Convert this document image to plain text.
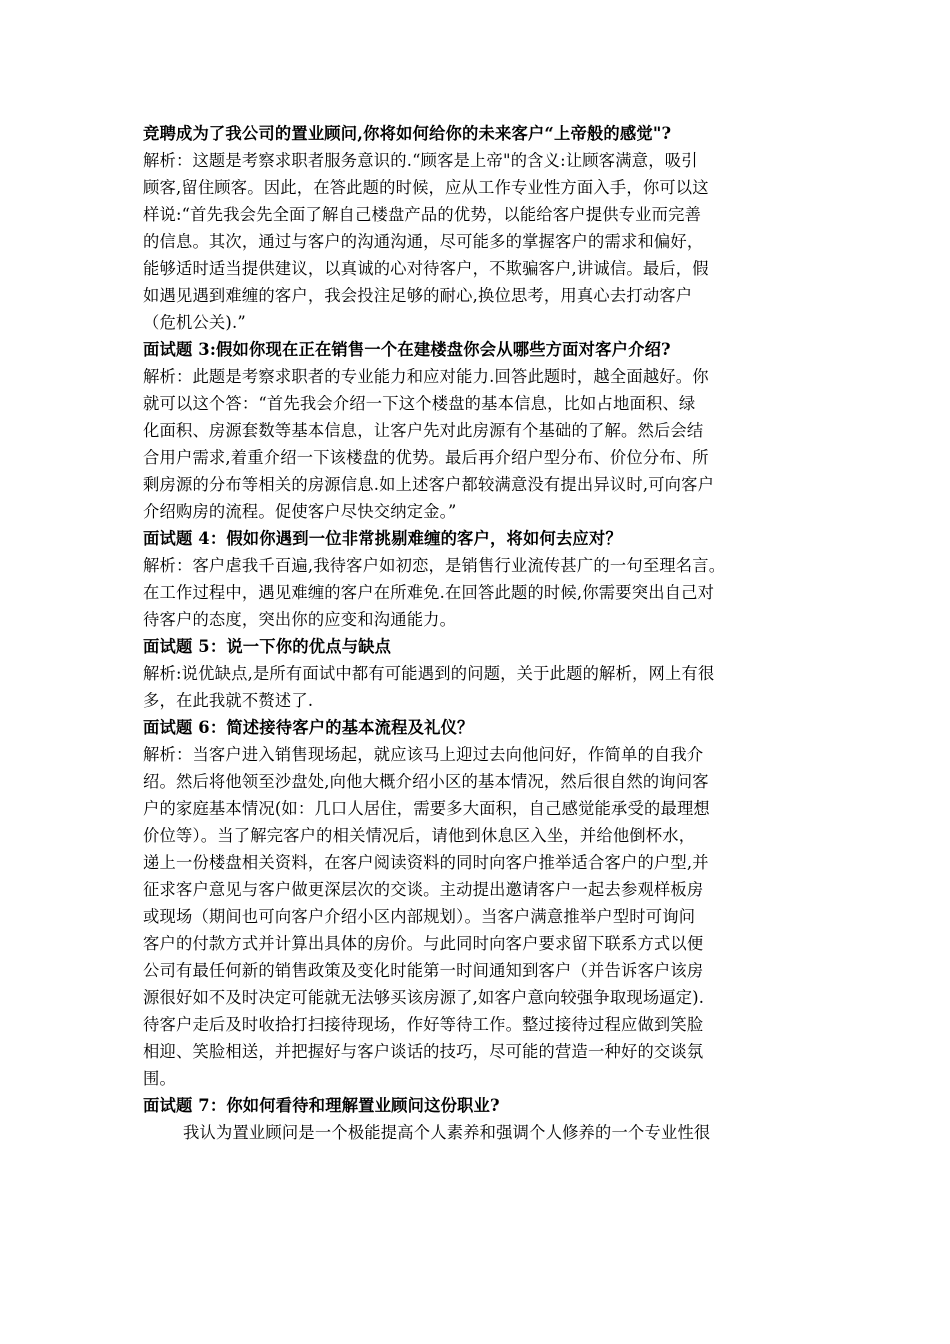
竞聘成为了我公司的置业顾问,你将如何给你的未来客户“上帝般的感觉"?
解析：这题是考察求职者服务意识的.“顾客是上帝"的含义:让顾客满意，吸引
顾客,留住顾客。因此，在答此题的时候，应从工作专业性方面入手，你可以这
样说:“首先我会先全面了解自己楼盘产品的优势，以能给客户提供专业而完善
的信息。其次，通过与客户的沟通沟通，尽可能多的掌握客户的需求和偏好，
能够适时适当提供建议，以真诚的心对待客户，不欺骗客户,讲诚信。最后，假
如遇见遇到难缠的客户，我会投注足够的耐心,换位思考，用真心去打动客户
（危机公关).”
面试题 3:假如你现在正在销售一个在建楼盘你会从哪些方面对客户介绍?
解析：此题是考察求职者的专业能力和应对能力.回答此题时，越全面越好。你
就可以这个答：“首先我会介绍一下这个楼盘的基本信息，比如占地面积、绿
化面积、房源套数等基本信息，让客户先对此房源有个基础的了解。然后会结
合用户需求,着重介绍一下该楼盘的优势。最后再介绍户型分布、价位分布、所
剩房源的分布等相关的房源信息.如上述客户都较满意没有提出异议时,可向客户
介绍购房的流程。促使客户尽快交纳定金。”
面试题 4：假如你遇到一位非常挑剔难缠的客户，将如何去应对？
解析：客户虐我千百遍,我待客户如初恋，是销售行业流传甚广的一句至理名言。
在工作过程中，遇见难缠的客户在所难免.在回答此题的时候,你需要突出自己对
待客户的态度，突出你的应变和沟通能力。
面试题 5：说一下你的优点与缺点
解析:说优缺点,是所有面试中都有可能遇到的问题，关于此题的解析，网上有很
多，在此我就不赘述了.
面试题 6：简述接待客户的基本流程及礼仪？
解析：当客户进入销售现场起，就应该马上迎过去向他问好，作简单的自我介
绍。然后将他领至沙盘处,向他大概介绍小区的基本情况，然后很自然的询问客
户的家庭基本情况(如：几口人居住，需要多大面积，自己感觉能承受的最理想
价位等）。当了解完客户的相关情况后，请他到休息区入坐，并给他倒杯水，
递上一份楼盘相关资料，在客户阅读资料的同时向客户推举适合客户的户型,并
征求客户意见与客户做更深层次的交谈。主动提出邀请客户一起去参观样板房
或现场（期间也可向客户介绍小区内部规划）。当客户满意推举户型时可询问
客户的付款方式并计算出具体的房价。与此同时向客户要求留下联系方式以便
公司有最任何新的销售政策及变化时能第一时间通知到客户（并告诉客户该房
源很好如不及时决定可能就无法够买该房源了,如客户意向较强争取现场逼定).
待客户走后及时收拾打扫接待现场，作好等待工作。整过接待过程应做到笑脸
相迎、笑脸相送，并把握好与客户谈话的技巧，尽可能的营造一种好的交谈氛
围。
面试题 7：你如何看待和理解置业顾问这份职业?
我认为置业顾问是一个极能提高个人素养和强调个人修养的一个专业性很
